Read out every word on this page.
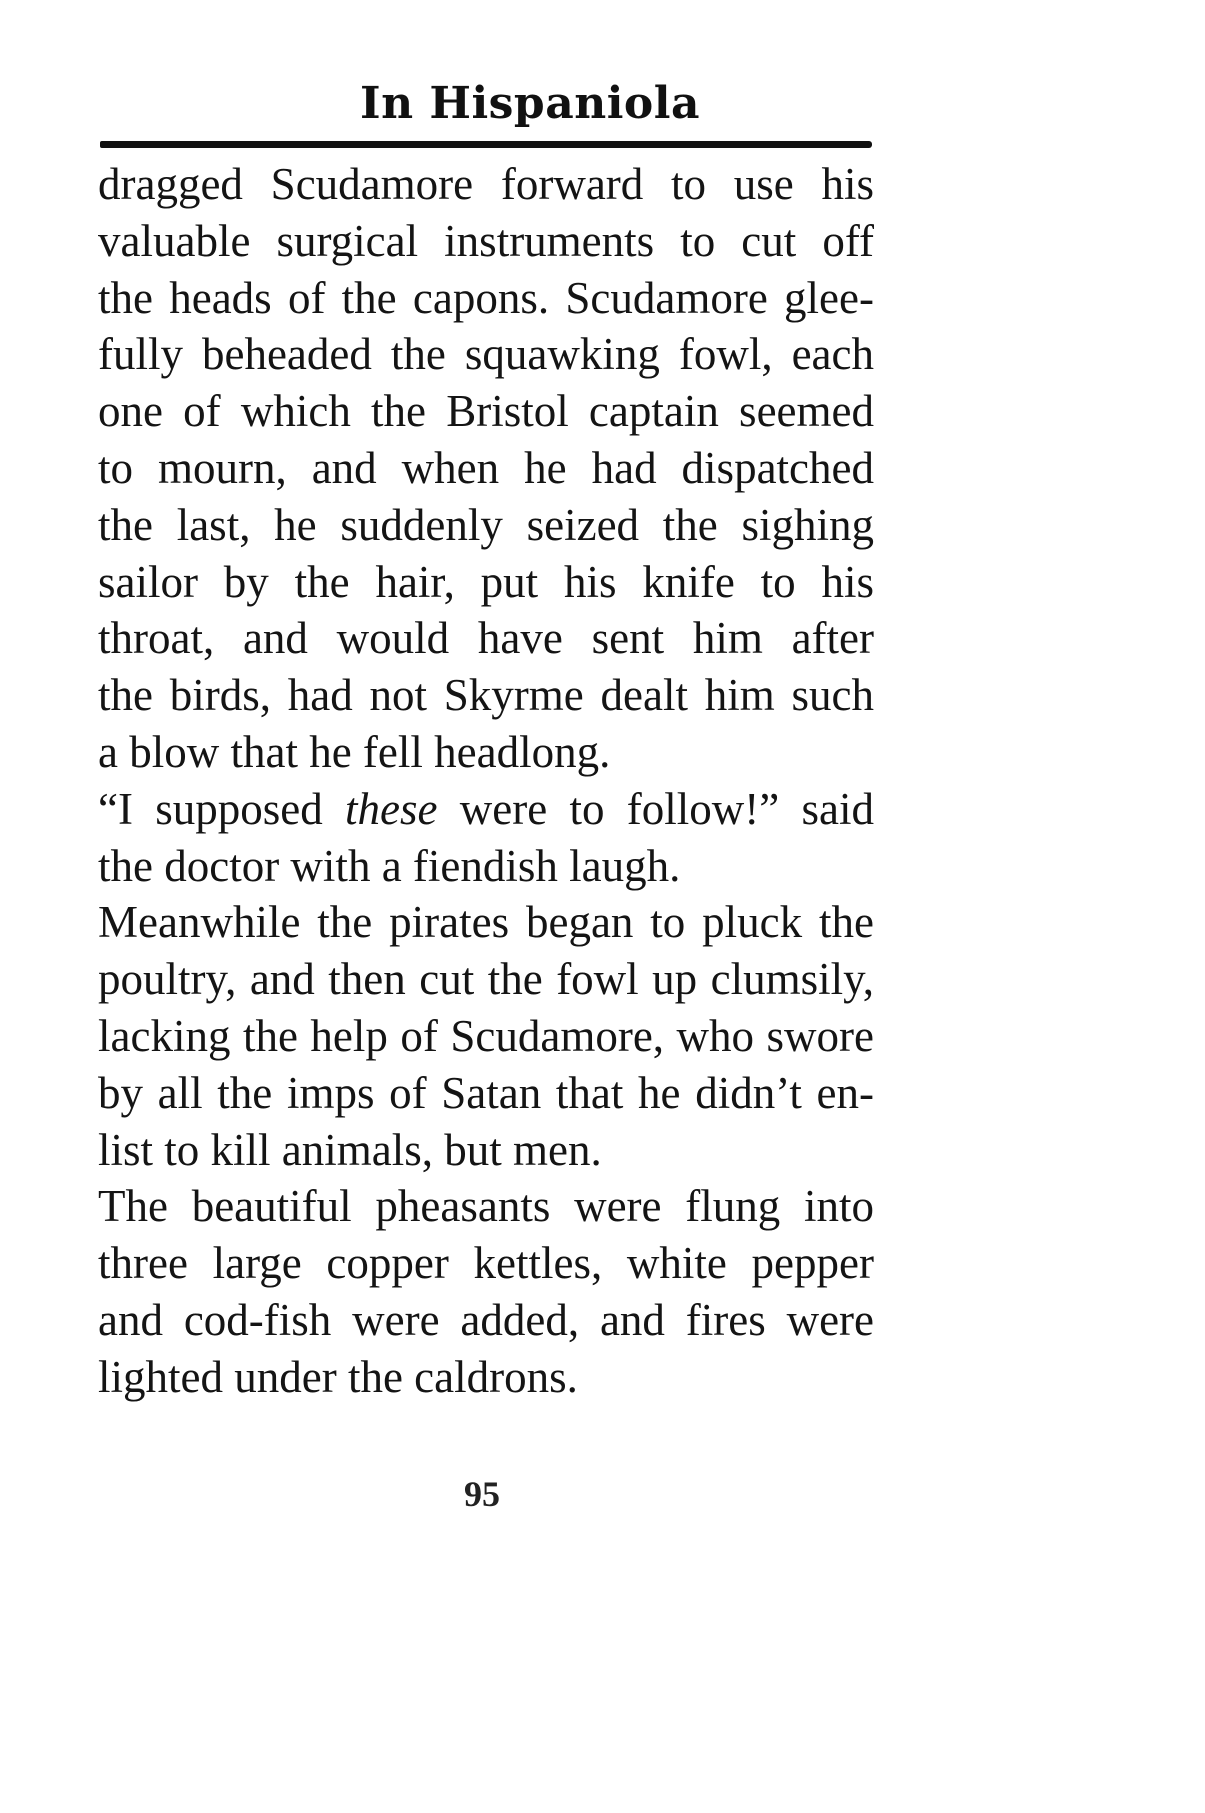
In Hispaniola
dragged Scudamore forward to use his
valuable surgical instruments to cut off
the heads of the capons. Scudamore glee-
fully beheaded the squawking fowl, each
one of which the Bristol captain seemed
to mourn, and when he had dispatched
the last, he suddenly seized the sighing
sailor by the hair, put his knife to his
throat, and would have sent him after
the birds, had not Skyrme dealt him such
a blow that he fell headlong.
“I supposed these were to follow!” said
the doctor with a fiendish laugh.
Meanwhile the pirates began to pluck the
poultry, and then cut the fowl up clumsily,
lacking the help of Scudamore, who swore
by all the imps of Satan that he didn’t en-
list to kill animals, but men.
The beautiful pheasants were flung into
three large copper kettles, white pepper
and cod-fish were added, and fires were
lighted under the caldrons.
95
